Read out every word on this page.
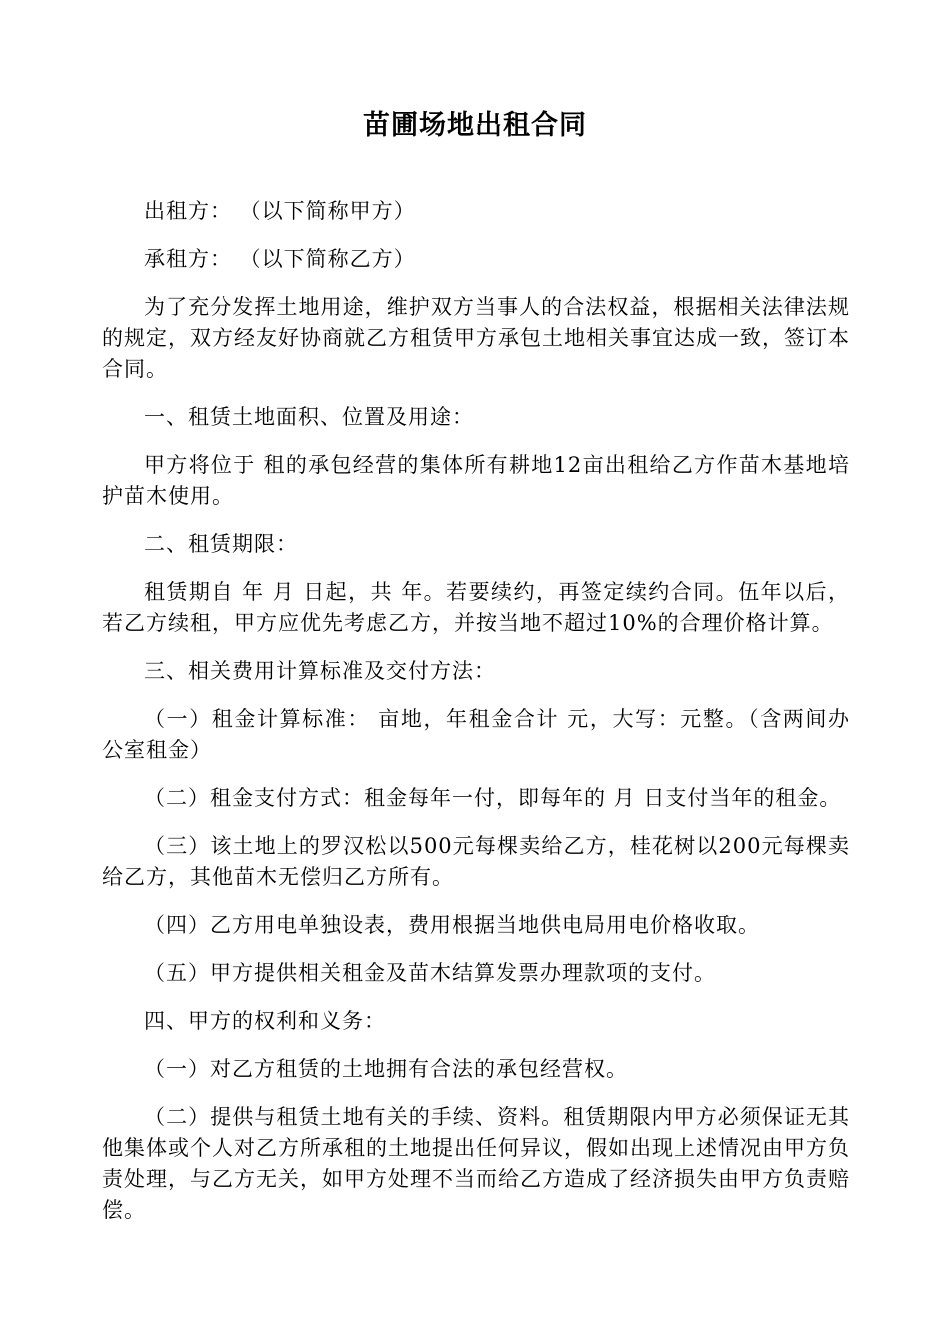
苗圃场地出租合同

出租方： （以下简称甲方）

承租方： （以下简称乙方）

为了充分发挥土地用途，维护双方当事人的合法权益，根据相关法律法规的规定，双方经友好协商就乙方租赁甲方承包土地相关事宜达成一致，签订本合同。

一、租赁土地面积、位置及用途：

甲方将位于 租的承包经营的集体所有耕地12亩出租给乙方作苗木基地培护苗木使用。

二、租赁期限：

租赁期自 年 月 日起，共 年。若要续约，再签定续约合同。伍年以后，若乙方续租，甲方应优先考虑乙方，并按当地不超过10%的合理价格计算。

三、相关费用计算标准及交付方法：

（一）租金计算标准： 亩地，年租金合计 元，大写：元整。（含两间办公室租金）

（二）租金支付方式：租金每年一付，即每年的 月 日支付当年的租金。

（三）该土地上的罗汉松以500元每棵卖给乙方，桂花树以200元每棵卖给乙方，其他苗木无偿归乙方所有。

（四）乙方用电单独设表，费用根据当地供电局用电价格收取。

（五）甲方提供相关租金及苗木结算发票办理款项的支付。

四、甲方的权利和义务：

（一）对乙方租赁的土地拥有合法的承包经营权。

（二）提供与租赁土地有关的手续、资料。租赁期限内甲方必须保证无其他集体或个人对乙方所承租的土地提出任何异议，假如出现上述情况由甲方负责处理，与乙方无关，如甲方处理不当而给乙方造成了经济损失由甲方负责赔偿。
